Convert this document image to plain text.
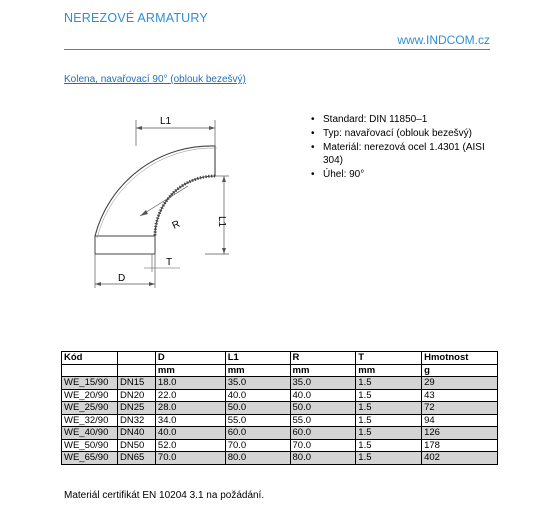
NEREZOVÉ ARMATURY
www.INDCOM.cz
Kolena, navařovací 90° (oblouk bezešvý)
L1
L1
R
D
T
• Standard: DIN 11850–1
• Typ: navařovací (oblouk bezešvý)
• Materiál: nerezová ocel 1.4301 (AISI 304)
• Úhel: 90°
Kód		D	L1	R	T	Hmotnost
		mm	mm	mm	mm	g
WE_15/90	DN15	18.0	35.0	35.0	1.5	29
WE_20/90	DN20	22.0	40.0	40.0	1.5	43
WE_25/90	DN25	28.0	50.0	50.0	1.5	72
WE_32/90	DN32	34.0	55.0	55.0	1.5	94
WE_40/90	DN40	40.0	60.0	60.0	1.5	126
WE_50/90	DN50	52.0	70.0	70.0	1.5	178
WE_65/90	DN65	70.0	80.0	80.0	1.5	402
Materiál certifikát EN 10204 3.1 na požádání.
